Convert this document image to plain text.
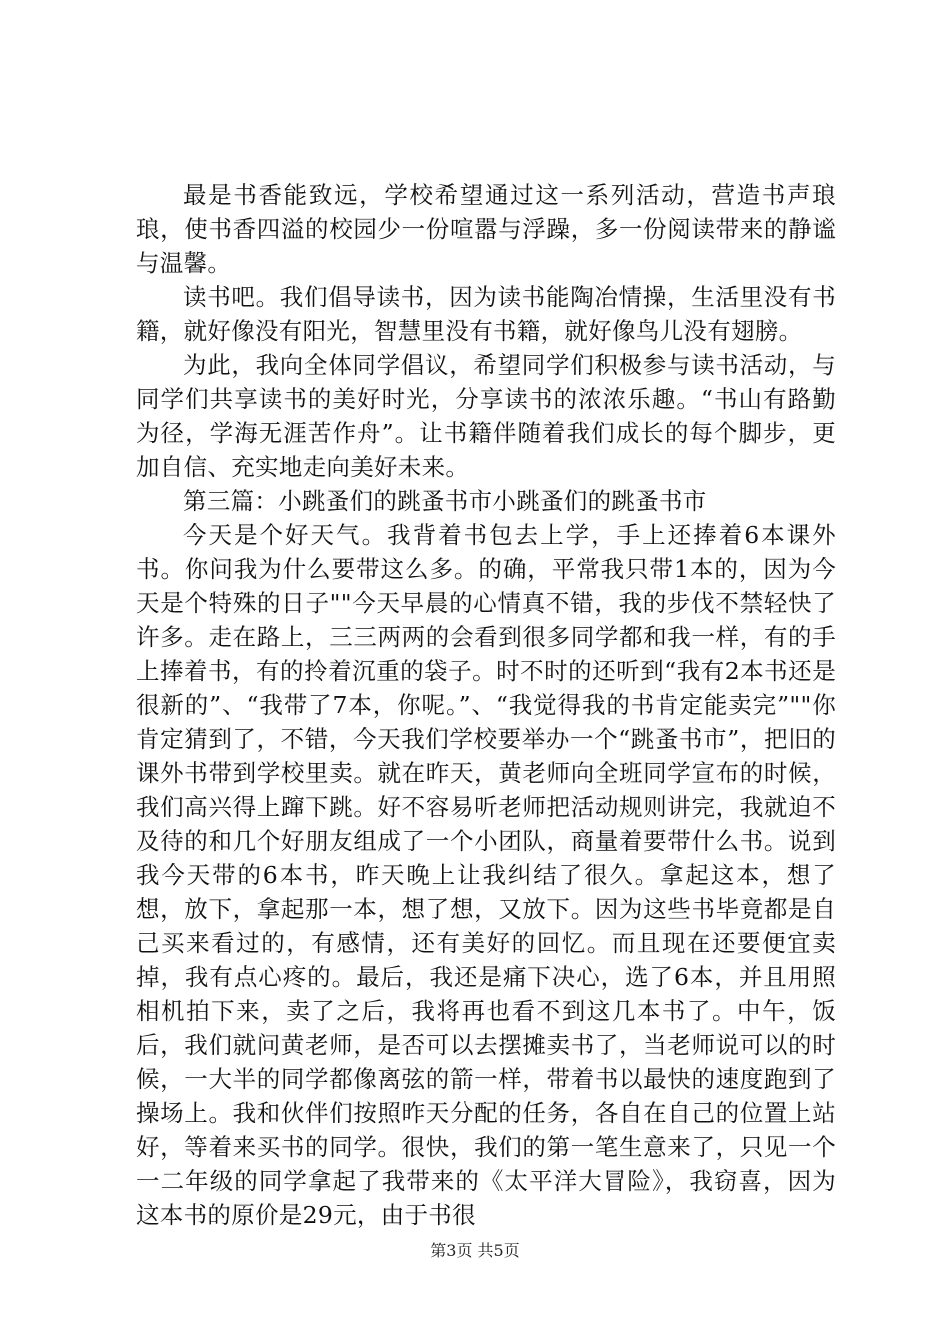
最是书香能致远，学校希望通过这一系列活动，营造书声琅琅，使书香四溢的校园少一份喧嚣与浮躁，多一份阅读带来的静谧与温馨。

读书吧。我们倡导读书，因为读书能陶冶情操，生活里没有书籍，就好像没有阳光，智慧里没有书籍，就好像鸟儿没有翅膀。

为此，我向全体同学倡议，希望同学们积极参与读书活动，与同学们共享读书的美好时光，分享读书的浓浓乐趣。“书山有路勤为径，学海无涯苦作舟”。让书籍伴随着我们成长的每个脚步，更加自信、充实地走向美好未来。

第三篇：小跳蚤们的跳蚤书市小跳蚤们的跳蚤书市

今天是个好天气。我背着书包去上学，手上还捧着6本课外书。你问我为什么要带这么多。的确，平常我只带1本的，因为今天是个特殊的日子""今天早晨的心情真不错，我的步伐不禁轻快了许多。走在路上，三三两两的会看到很多同学都和我一样，有的手上捧着书，有的拎着沉重的袋子。时不时的还听到“我有2本书还是很新的”、“我带了7本，你呢。”、“我觉得我的书肯定能卖完”""你肯定猜到了，不错，今天我们学校要举办一个“跳蚤书市”，把旧的课外书带到学校里卖。就在昨天，黄老师向全班同学宣布的时候，我们高兴得上蹿下跳。好不容易听老师把活动规则讲完，我就迫不及待的和几个好朋友组成了一个小团队，商量着要带什么书。说到我今天带的6本书，昨天晚上让我纠结了很久。拿起这本，想了想，放下，拿起那一本，想了想，又放下。因为这些书毕竟都是自己买来看过的，有感情，还有美好的回忆。而且现在还要便宜卖掉，我有点心疼的。最后，我还是痛下决心，选了6本，并且用照相机拍下来，卖了之后，我将再也看不到这几本书了。中午，饭后，我们就问黄老师，是否可以去摆摊卖书了，当老师说可以的时候，一大半的同学都像离弦的箭一样，带着书以最快的速度跑到了操场上。我和伙伴们按照昨天分配的任务，各自在自己的位置上站好，等着来买书的同学。很快，我们的第一笔生意来了，只见一个一二年级的同学拿起了我带来的《太平洋大冒险》，我窃喜，因为这本书的原价是29元，由于书很

第3页 共5页
